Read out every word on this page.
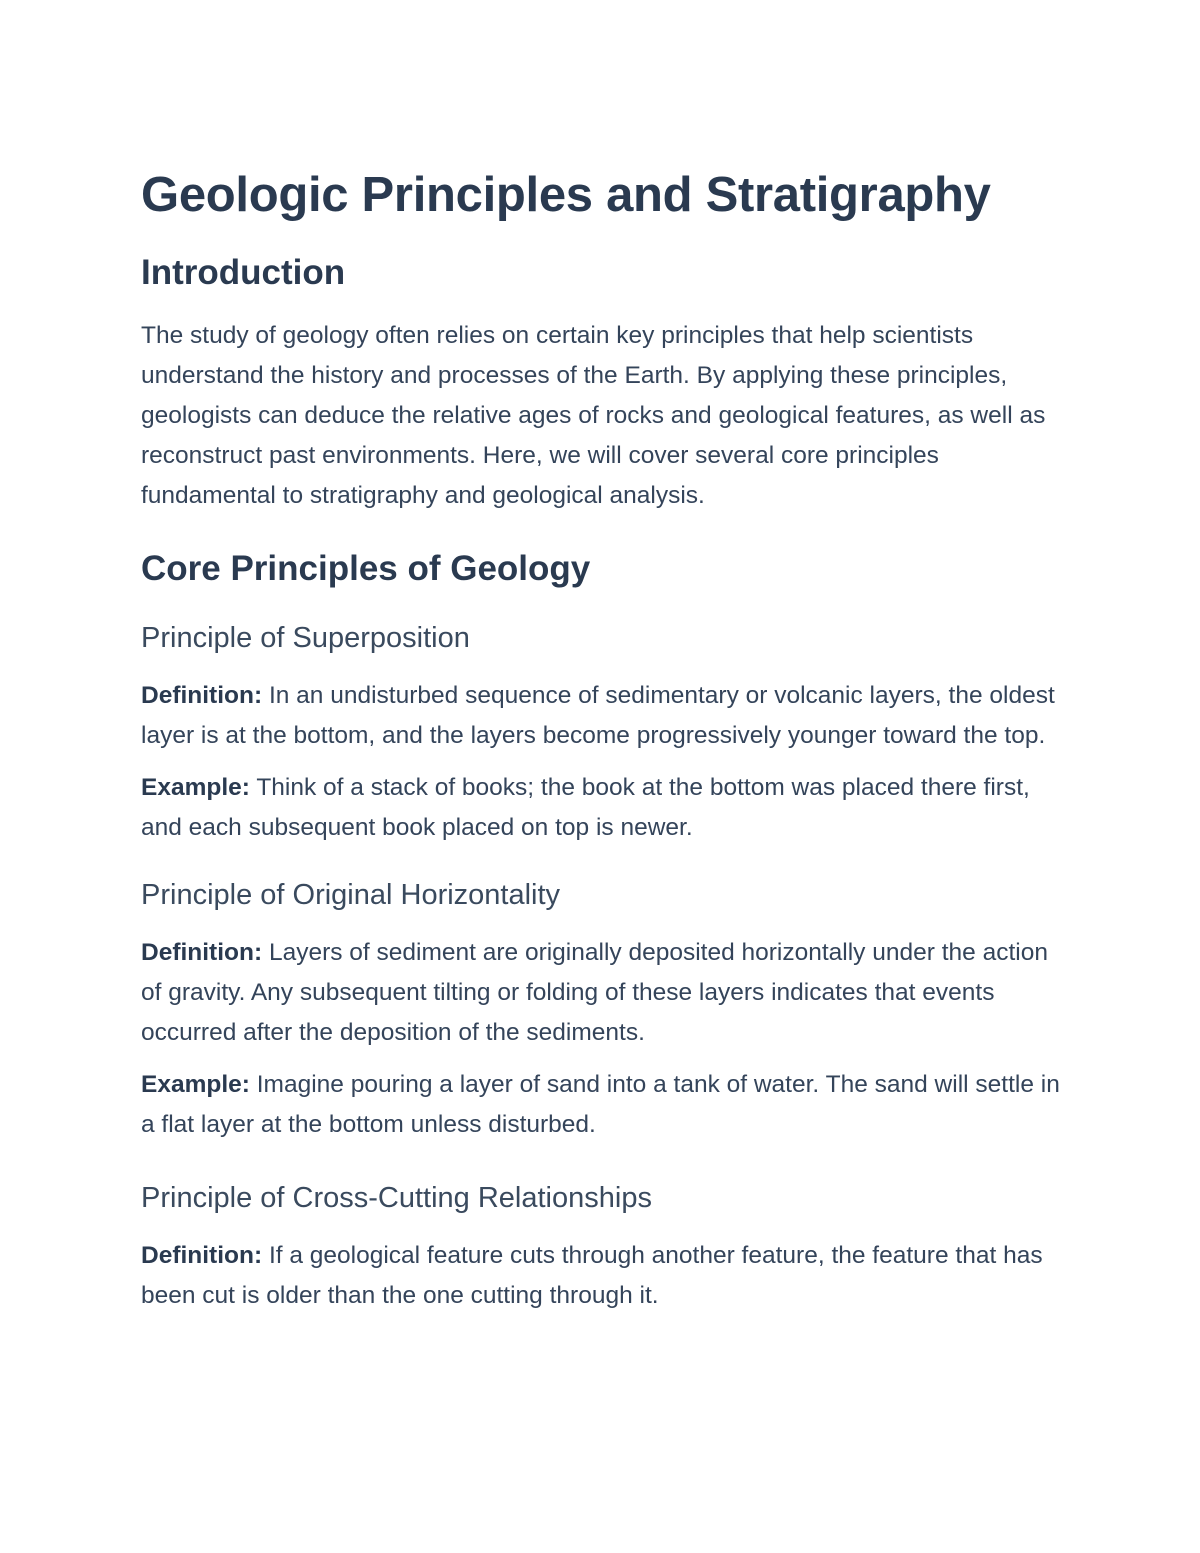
Geologic Principles and Stratigraphy
Introduction

The study of geology often relies on certain key principles that help scientists understand the history and processes of the Earth. By applying these principles, geologists can deduce the relative ages of rocks and geological features, as well as reconstruct past environments. Here, we will cover several core principles fundamental to stratigraphy and geological analysis.

Core Principles of Geology
Principle of Superposition

Definition: In an undisturbed sequence of sedimentary or volcanic layers, the oldest layer is at the bottom, and the layers become progressively younger toward the top.

Example: Think of a stack of books; the book at the bottom was placed there first, and each subsequent book placed on top is newer.

Principle of Original Horizontality

Definition: Layers of sediment are originally deposited horizontally under the action of gravity. Any subsequent tilting or folding of these layers indicates that events occurred after the deposition of the sediments.

Example: Imagine pouring a layer of sand into a tank of water. The sand will settle in a flat layer at the bottom unless disturbed.

Principle of Cross-Cutting Relationships

Definition: If a geological feature cuts through another feature, the feature that has been cut is older than the one cutting through it.
